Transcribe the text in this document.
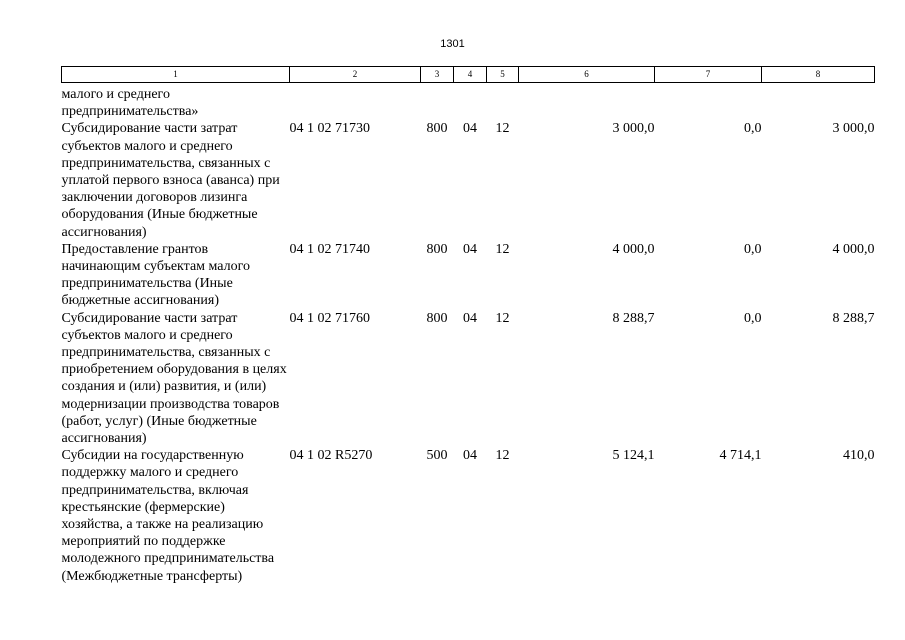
1301
1	2	3	4	5	6	7	8
малого и среднего предпринимательства»							
Субсидирование части затрат субъектов малого и среднего предпринимательства, связанных с уплатой первого взноса (аванса) при заключении договоров лизинга оборудования (Иные бюджетные ассигнования)	04 1 02 71730	800	04	12	3 000,0	0,0	3 000,0
Предоставление грантов начинающим субъектам малого предпринимательства (Иные бюджетные ассигнования)	04 1 02 71740	800	04	12	4 000,0	0,0	4 000,0
Субсидирование части затрат субъектов малого и среднего предпринимательства, связанных с приобретением оборудования в целях создания и (или) развития, и (или) модернизации производства товаров (работ, услуг) (Иные бюджетные ассигнования)	04 1 02 71760	800	04	12	8 288,7	0,0	8 288,7
Субсидии на государственную поддержку малого и среднего предпринимательства, включая крестьянские (фермерские) хозяйства, а также на реализацию мероприятий по поддержке молодежного предпринимательства (Межбюджетные трансферты)	04 1 02 R5270	500	04	12	5 124,1	4 714,1	410,0
